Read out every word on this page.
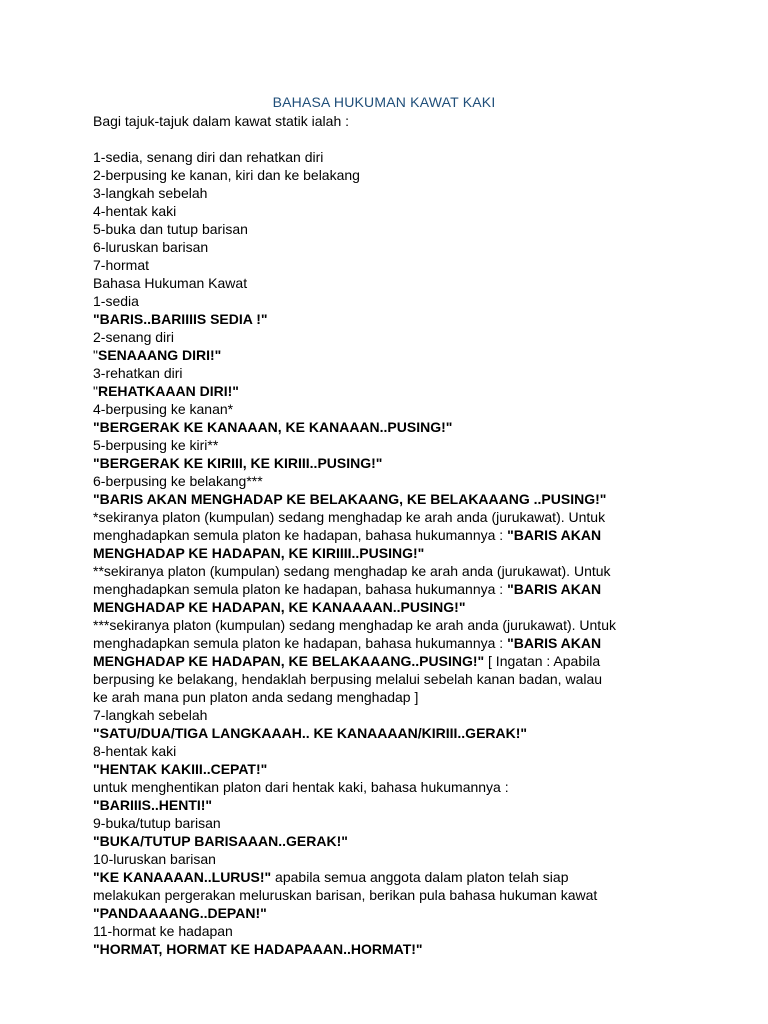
BAHASA HUKUMAN KAWAT KAKI
Bagi tajuk-tajuk dalam kawat statik ialah :
1-sedia, senang diri dan rehatkan diri
2-berpusing ke kanan, kiri dan ke belakang
3-langkah sebelah
4-hentak kaki
5-buka dan tutup barisan
6-luruskan barisan
7-hormat
Bahasa Hukuman Kawat
1-sedia
"BARIS..BARIIIIS SEDIA !"
2-senang diri
"SENAAANG DIRI!"
3-rehatkan diri
"REHATKAAAN DIRI!"
4-berpusing ke kanan*
"BERGERAK KE KANAAAN, KE KANAAAN..PUSING!"
5-berpusing ke kiri**
"BERGERAK KE KIRIII, KE KIRIII..PUSING!"
6-berpusing ke belakang***
"BARIS AKAN MENGHADAP KE BELAKAANG, KE BELAKAAANG ..PUSING!"
*sekiranya platon (kumpulan) sedang menghadap ke arah anda (jurukawat). Untuk
menghadapkan semula platon ke hadapan, bahasa hukumannya : "BARIS AKAN
MENGHADAP KE HADAPAN, KE KIRIIII..PUSING!"
**sekiranya platon (kumpulan) sedang menghadap ke arah anda (jurukawat). Untuk
menghadapkan semula platon ke hadapan, bahasa hukumannya : "BARIS AKAN
MENGHADAP KE HADAPAN, KE KANAAAAN..PUSING!"
***sekiranya platon (kumpulan) sedang menghadap ke arah anda (jurukawat). Untuk
menghadapkan semula platon ke hadapan, bahasa hukumannya : "BARIS AKAN
MENGHADAP KE HADAPAN, KE BELAKAAANG..PUSING!" [ Ingatan : Apabila
berpusing ke belakang, hendaklah berpusing melalui sebelah kanan badan, walau
ke arah mana pun platon anda sedang menghadap ]
7-langkah sebelah
"SATU/DUA/TIGA LANGKAAAH.. KE KANAAAAN/KIRIII..GERAK!"
8-hentak kaki
"HENTAK KAKIII..CEPAT!"
untuk menghentikan platon dari hentak kaki, bahasa hukumannya :
"BARIIIS..HENTI!"
9-buka/tutup barisan
"BUKA/TUTUP BARISAAAN..GERAK!"
10-luruskan barisan
"KE KANAAAAN..LURUS!" apabila semua anggota dalam platon telah siap
melakukan pergerakan meluruskan barisan, berikan pula bahasa hukuman kawat
"PANDAAAANG..DEPAN!"
11-hormat ke hadapan
"HORMAT, HORMAT KE HADAPAAAN..HORMAT!"
